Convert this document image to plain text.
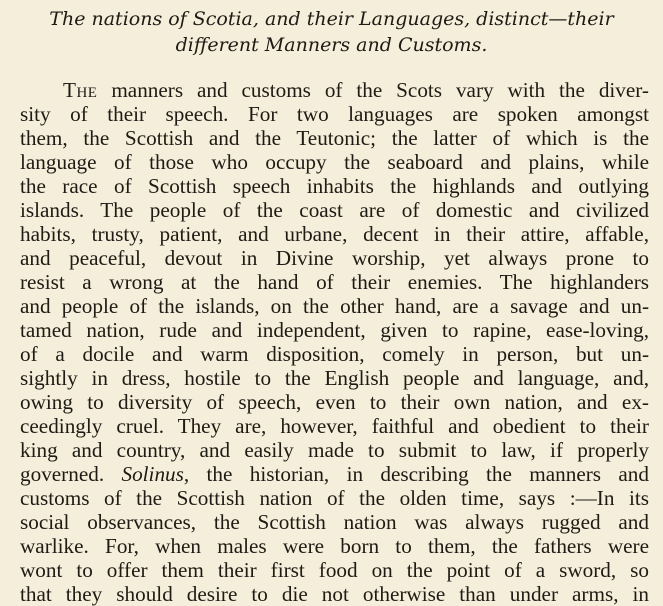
The nations of Scotia, and their Languages, distinct—their
different Manners and Customs.
The manners and customs of the Scots vary with the diver-
sity of their speech. For two languages are spoken amongst
them, the Scottish and the Teutonic; the latter of which is the
language of those who occupy the seaboard and plains, while
the race of Scottish speech inhabits the highlands and outlying
islands. The people of the coast are of domestic and civilized
habits, trusty, patient, and urbane, decent in their attire, affable,
and peaceful, devout in Divine worship, yet always prone to
resist a wrong at the hand of their enemies. The highlanders
and people of the islands, on the other hand, are a savage and un-
tamed nation, rude and independent, given to rapine, ease-loving,
of a docile and warm disposition, comely in person, but un-
sightly in dress, hostile to the English people and language, and,
owing to diversity of speech, even to their own nation, and ex-
ceedingly cruel. They are, however, faithful and obedient to their
king and country, and easily made to submit to law, if properly
governed. Solinus, the historian, in describing the manners and
customs of the Scottish nation of the olden time, says :—In its
social observances, the Scottish nation was always rugged and
warlike. For, when males were born to them, the fathers were
wont to offer them their first food on the point of a sword, so
that they should desire to die not otherwise than under arms, in
